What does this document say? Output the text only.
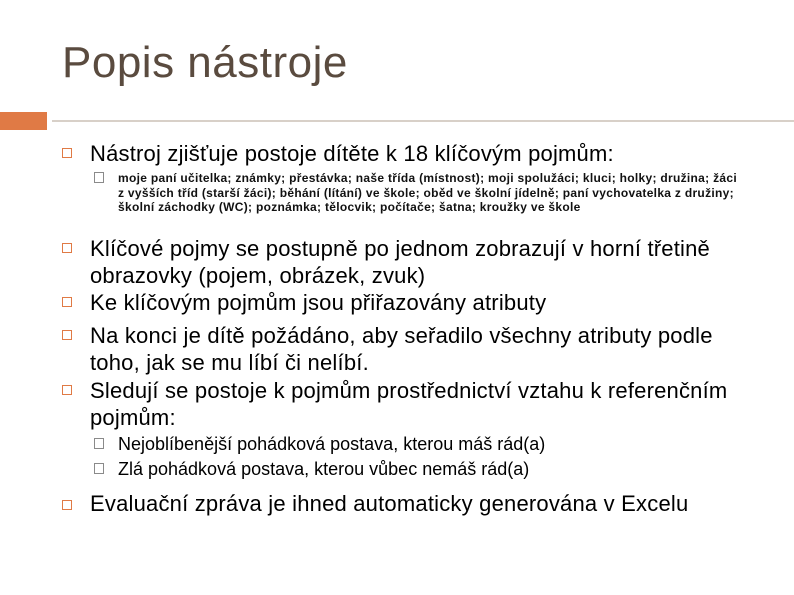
Popis nástroje
Nástroj zjišťuje postoje dítěte k 18 klíčovým pojmům:
moje paní učitelka; známky; přestávka; naše třída (místnost); moji spolužáci; kluci; holky; družina; žáci z vyšších tříd (starší žáci); běhání (lítání) ve škole; oběd ve školní jídelně; paní vychovatelka z družiny; školní záchodky (WC); poznámka; tělocvik; počítače; šatna; kroužky ve škole
Klíčové pojmy se postupně po jednom zobrazují v horní třetině obrazovky (pojem, obrázek, zvuk)
Ke klíčovým pojmům jsou přiřazovány atributy
Na konci je dítě požádáno, aby seřadilo všechny atributy podle toho, jak se mu líbí či nelíbí.
Sledují se postoje k pojmům prostřednictví vztahu k referenčním pojmům:
Nejoblíbenější pohádková postava, kterou máš rád(a)
Zlá pohádková postava, kterou vůbec nemáš rád(a)
Evaluační zpráva je ihned automaticky generována v Excelu
